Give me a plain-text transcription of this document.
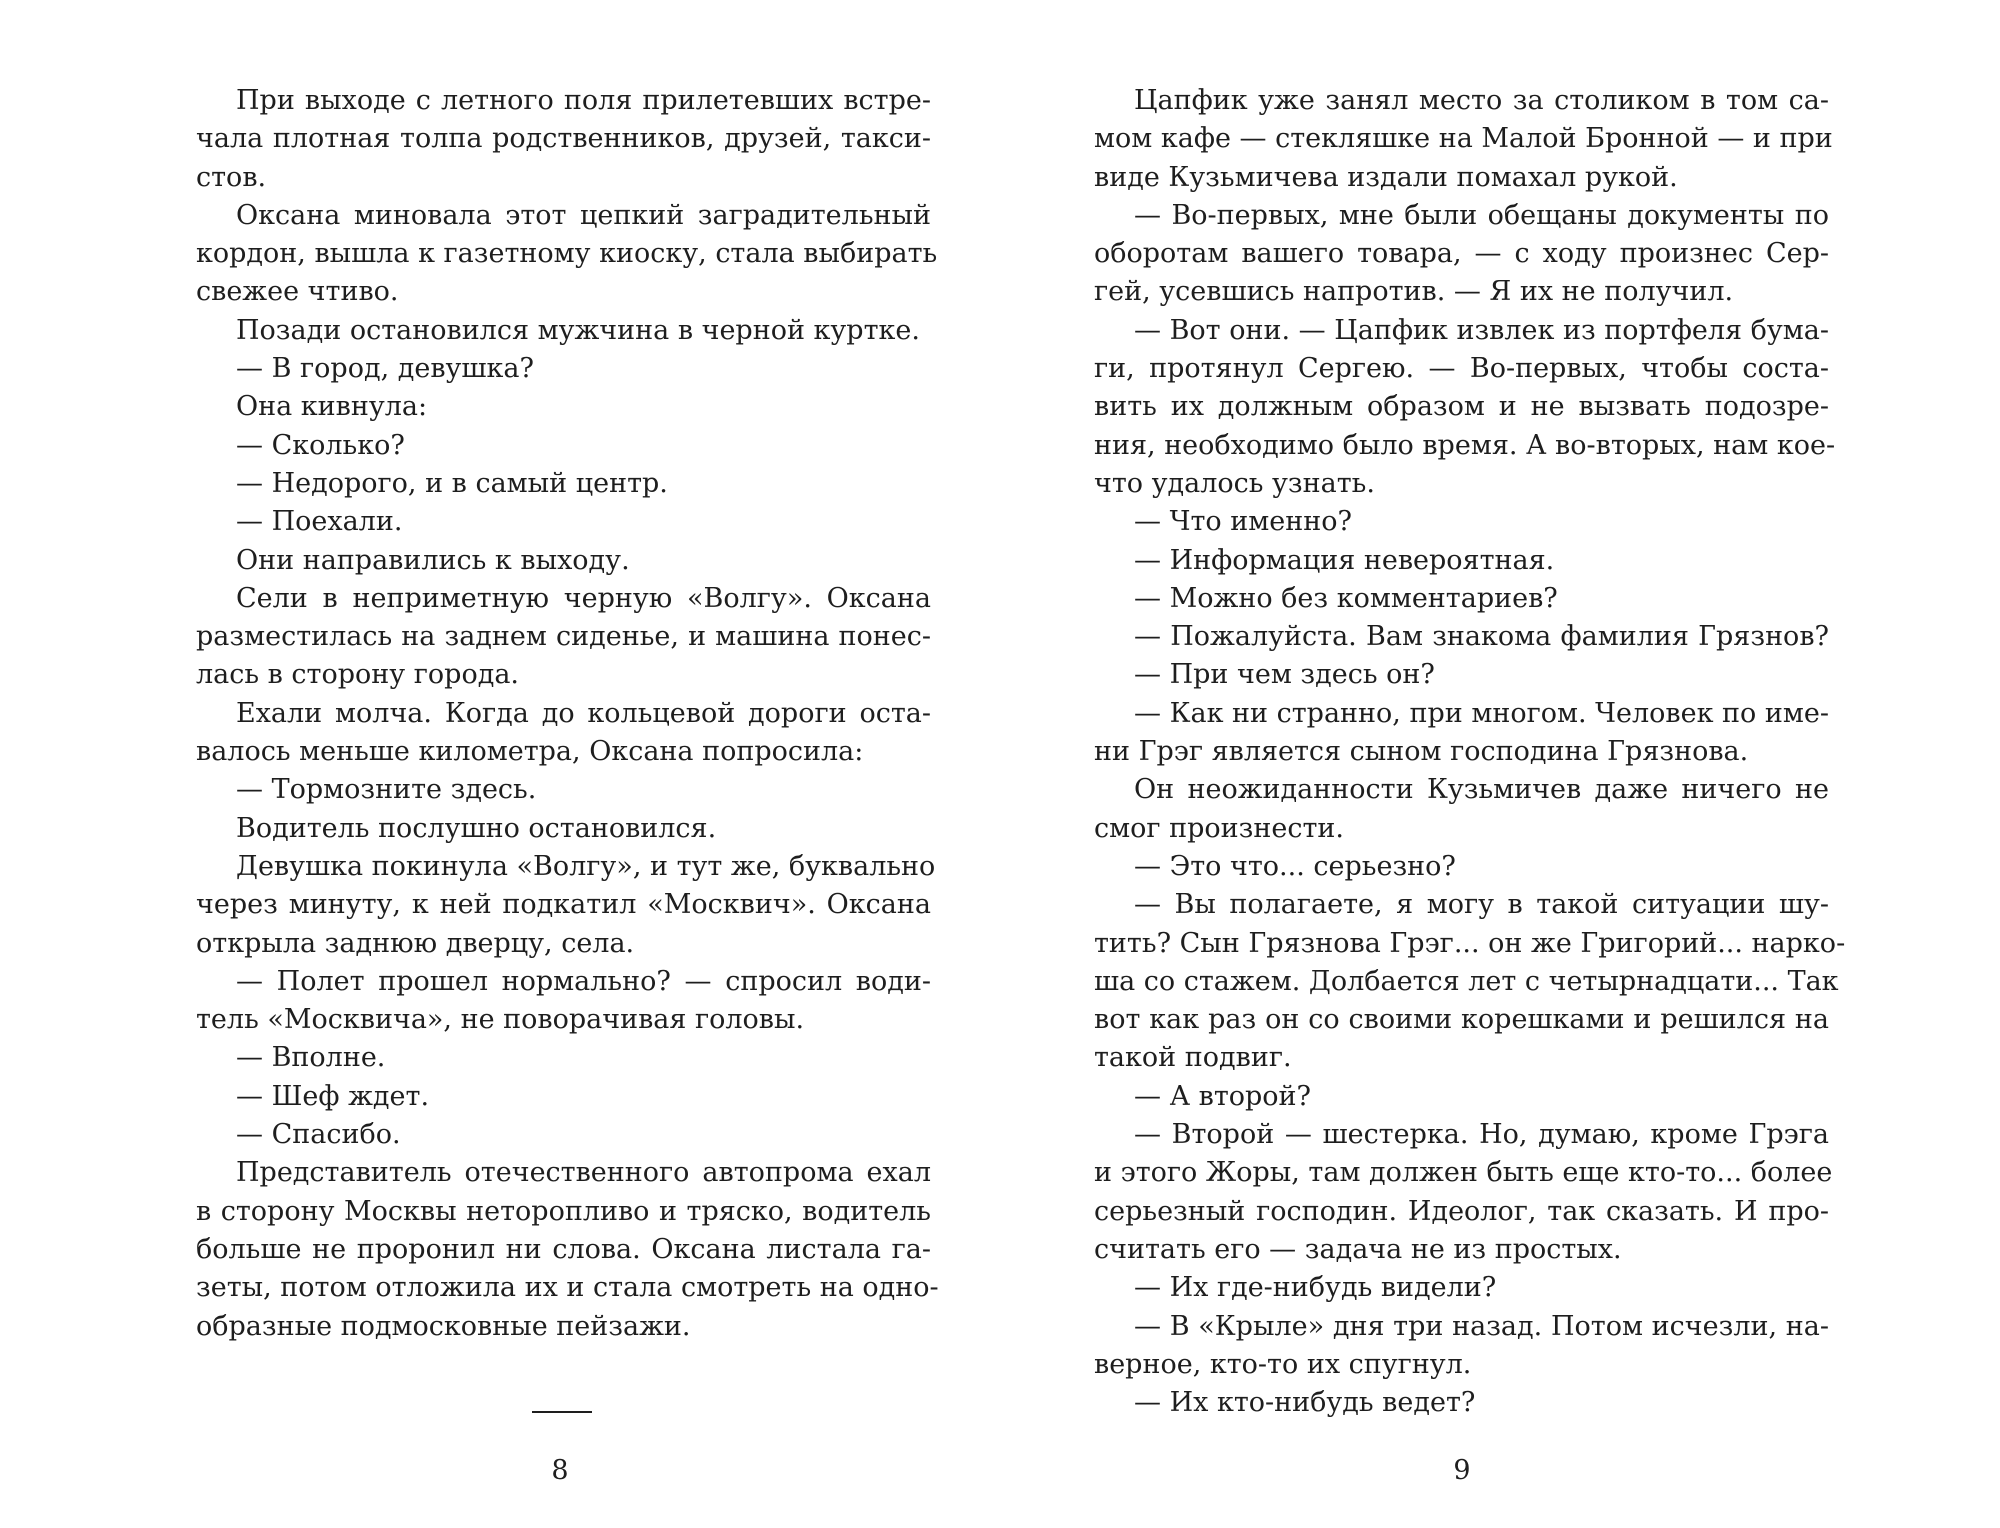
При выходе с летного поля прилетевших встре-
чала плотная толпа родственников, друзей, такси-
стов.
Оксана миновала этот цепкий заградительный
кордон, вышла к газетному киоску, стала выбирать
свежее чтиво.
Позади остановился мужчина в черной куртке.
— В город, девушка?
Она кивнула:
— Сколько?
— Недорого, и в самый центр.
— Поехали.
Они направились к выходу.
Сели в неприметную черную «Волгу». Оксана
разместилась на заднем сиденье, и машина понес-
лась в сторону города.
Ехали молча. Когда до кольцевой дороги оста-
валось меньше километра, Оксана попросила:
— Тормозните здесь.
Водитель послушно остановился.
Девушка покинула «Волгу», и тут же, буквально
через минуту, к ней подкатил «Москвич». Оксана
открыла заднюю дверцу, села.
— Полет прошел нормально? — спросил води-
тель «Москвича», не поворачивая головы.
— Вполне.
— Шеф ждет.
— Спасибо.
Представитель отечественного автопрома ехал
в сторону Москвы неторопливо и тряско, водитель
больше не проронил ни слова. Оксана листала га-
зеты, потом отложила их и стала смотреть на одно-
образные подмосковные пейзажи.
8
Цапфик уже занял место за столиком в том са-
мом кафе — стекляшке на Малой Бронной — и при
виде Кузьмичева издали помахал рукой.
— Во-первых, мне были обещаны документы по
оборотам вашего товара, — с ходу произнес Сер-
гей, усевшись напротив. — Я их не получил.
— Вот они. — Цапфик извлек из портфеля бума-
ги, протянул Сергею. — Во-первых, чтобы состa-
вить их должным образом и не вызвать подозре-
ния, необходимо было время. А во-вторых, нам кое-
что удалось узнать.
— Что именно?
— Информация невероятная.
— Можно без комментариев?
— Пожалуйста. Вам знакома фамилия Грязнов?
— При чем здесь он?
— Как ни странно, при многом. Человек по име-
ни Грэг является сыном господина Грязнова.
Он неожиданности Кузьмичев даже ничего не
смог произнести.
— Это что... серьезно?
— Вы полагаете, я могу в такой ситуации шу-
тить? Сын Грязнова Грэг... он же Григорий... нарко-
ша со стажем. Долбается лет с четырнадцати... Так
вот как раз он со своими корешками и решился на
такой подвиг.
— А второй?
— Второй — шестерка. Но, думаю, кроме Грэга
и этого Жоры, там должен быть еще кто-то... более
серьезный господин. Идеолог, так сказать. И про-
считать его — задача не из простых.
— Их где-нибудь видели?
— В «Крыле» дня три назад. Потом исчезли, на-
верное, кто-то их спугнул.
— Их кто-нибудь ведет?
9
